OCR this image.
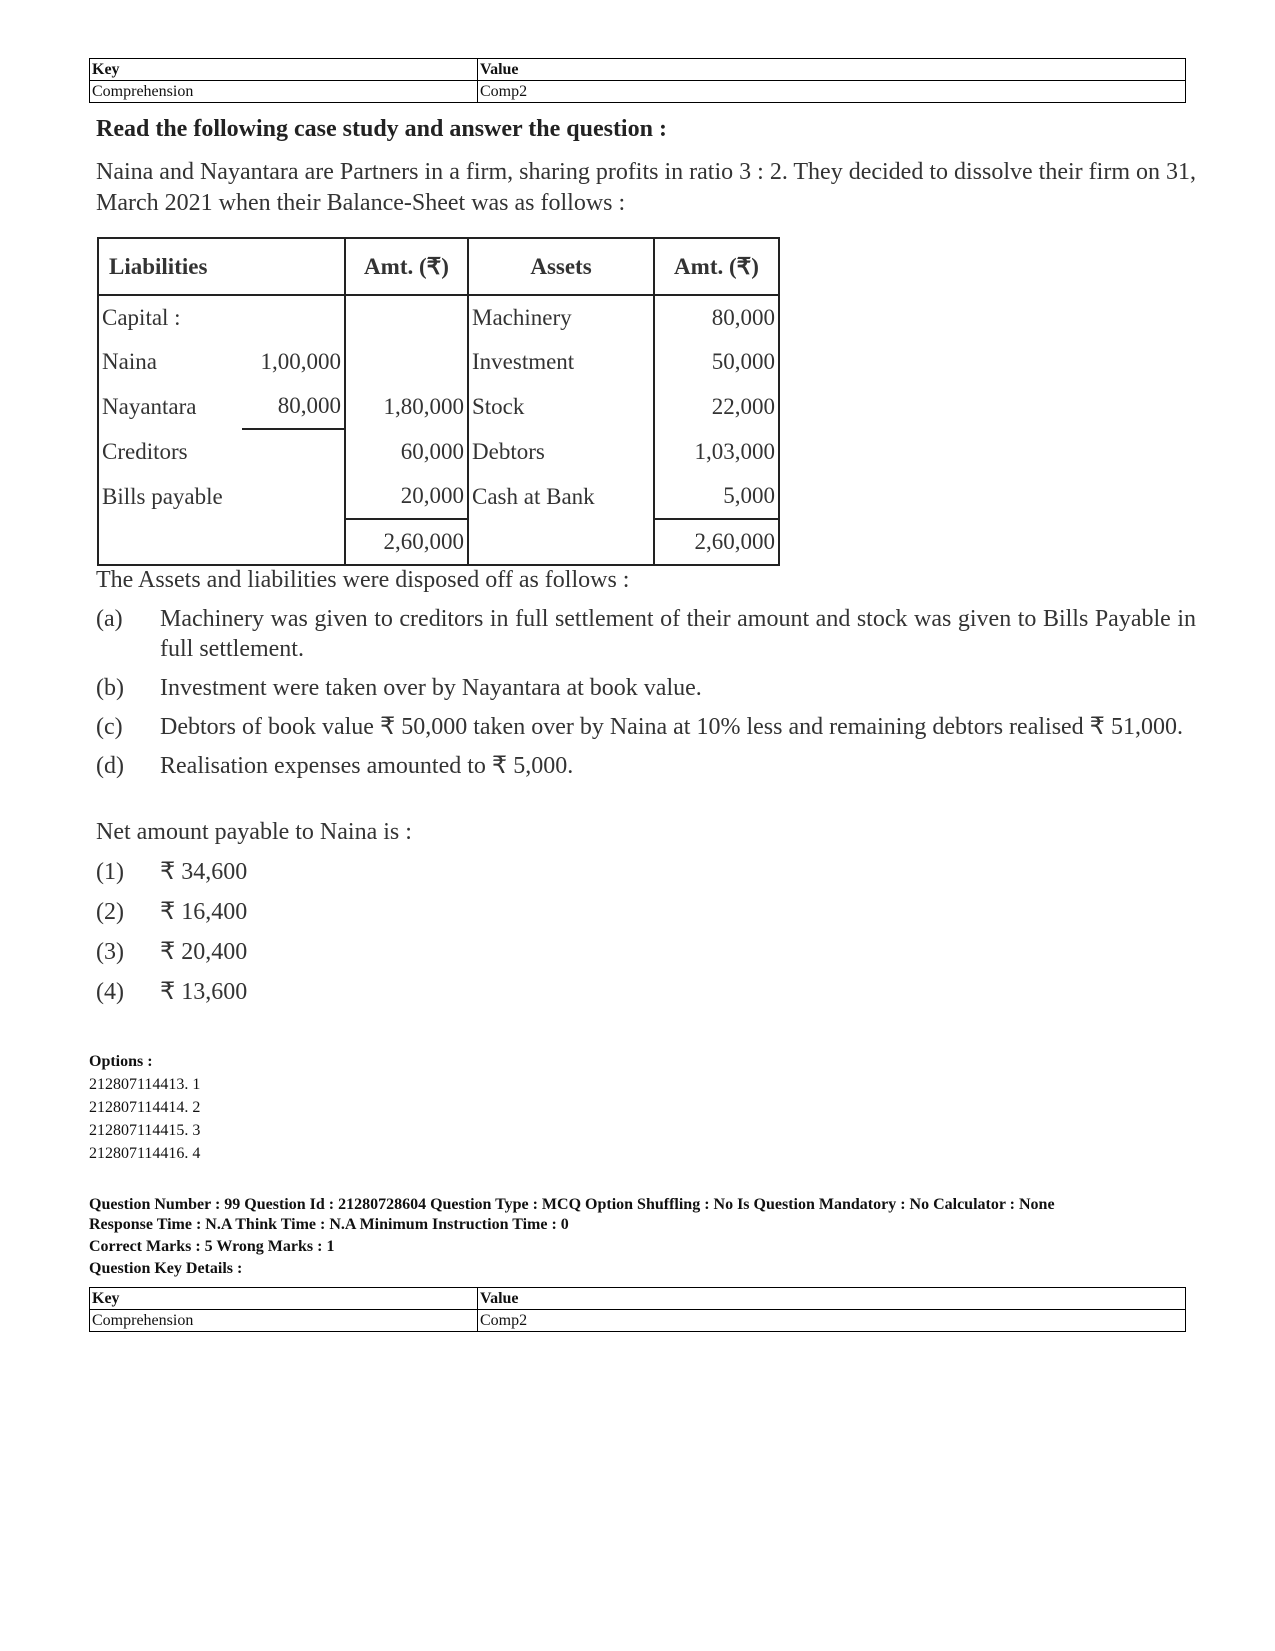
Key	Value
Comprehension	Comp2

Read the following case study and answer the question :

Naina and Nayantara are Partners in a firm, sharing profits in ratio 3 : 2. They decided to dissolve their firm on 31, March 2021 when their Balance-Sheet was as follows :

Liabilities		Amt. (₹)	Assets	Amt. (₹)
Capital :			Machinery	80,000
Naina	1,00,000		Investment	50,000
Nayantara	80,000	1,80,000	Stock	22,000
Creditors		60,000	Debtors	1,03,000
Bills payable		20,000	Cash at Bank	5,000
		2,60,000		2,60,000

The Assets and liabilities were disposed off as follows :

(a)	Machinery was given to creditors in full settlement of their amount and stock was given to Bills Payable in full settlement.
(b)	Investment were taken over by Nayantara at book value.
(c)	Debtors of book value ₹ 50,000 taken over by Naina at 10% less and remaining debtors realised ₹ 51,000.
(d)	Realisation expenses amounted to ₹ 5,000.

Net amount payable to Naina is :

(1)	₹ 34,600
(2)	₹ 16,400
(3)	₹ 20,400
(4)	₹ 13,600
Options :
212807114413. 1
212807114414. 2
212807114415. 3
212807114416. 4
Question Number : 99 Question Id : 21280728604 Question Type : MCQ Option Shuffling : No Is Question Mandatory : No Calculator : None
Response Time : N.A Think Time : N.A Minimum Instruction Time : 0
Correct Marks : 5 Wrong Marks : 1
Question Key Details :
Key	Value
Comprehension	Comp2
